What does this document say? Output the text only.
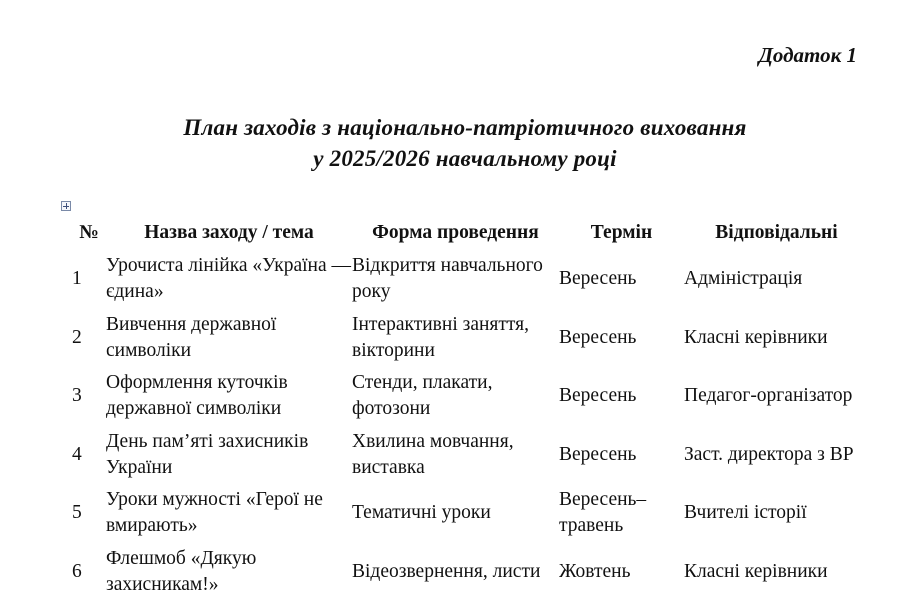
Додаток 1

План заходів з національно-патріотичного виховання
у 2025/2026 навчальному році
№	Назва заходу / тема	Форма проведення	Термін	Відповідальні
1	Урочиста лінійка «Україна — єдина»	Відкриття навчального року	Вересень	Адміністрація
2	Вивчення державної символіки	Інтерактивні заняття, вікторини	Вересень	Класні керівники
3	Оформлення куточків державної символіки	Стенди, плакати, фотозони	Вересень	Педагог-організатор
4	День пам’яті захисників України	Хвилина мовчання, виставка	Вересень	Заст. директора з ВР
5	Уроки мужності «Герої не вмирають»	Тематичні уроки	Вересень–травень	Вчителі історії
6	Флешмоб «Дякую захисникам!»	Відеозвернення, листи	Жовтень	Класні керівники
